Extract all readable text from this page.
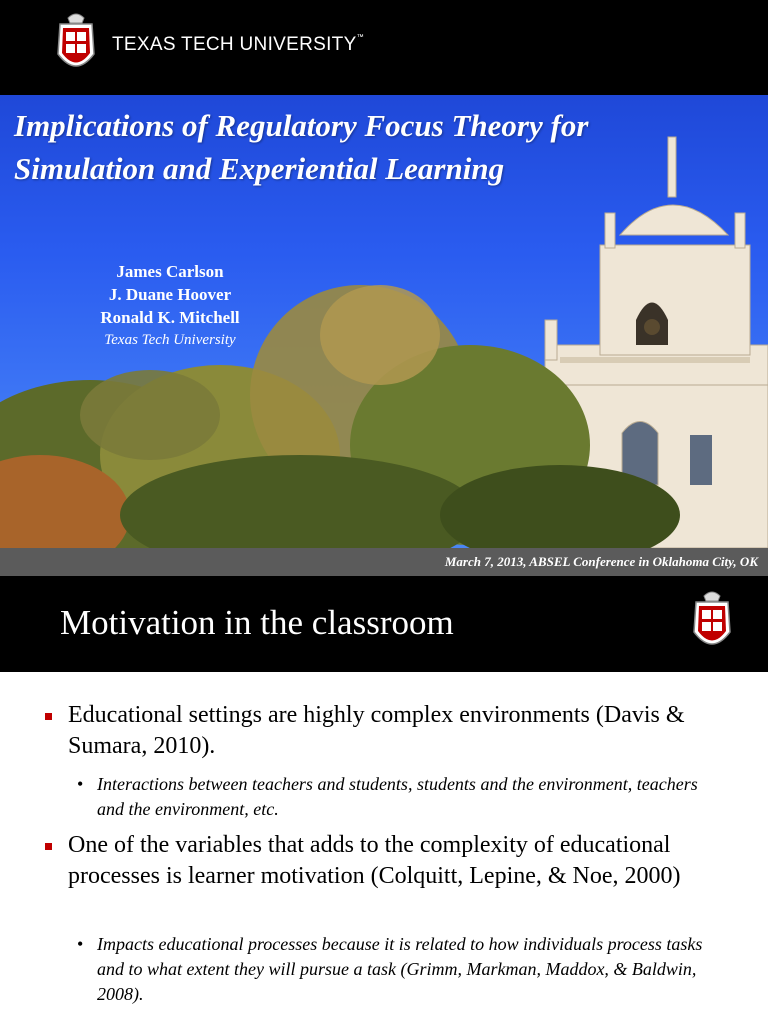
TEXAS TECH UNIVERSITY™
Implications of Regulatory Focus Theory for Simulation and Experiential Learning
James Carlson
J. Duane Hoover
Ronald K. Mitchell
Texas Tech University
March 7, 2013, ABSEL Conference in Oklahoma City, OK
Motivation in the classroom
Educational settings are highly complex environments (Davis & Sumara, 2010).
• Interactions between teachers and students, students and the environment, teachers and the environment, etc.
One of the variables that adds to the complexity of educational processes is learner motivation (Colquitt, Lepine, & Noe, 2000)
• Impacts educational processes because it is related to how individuals process tasks and to what extent they will pursue a task (Grimm, Markman, Maddox, & Baldwin, 2008).
